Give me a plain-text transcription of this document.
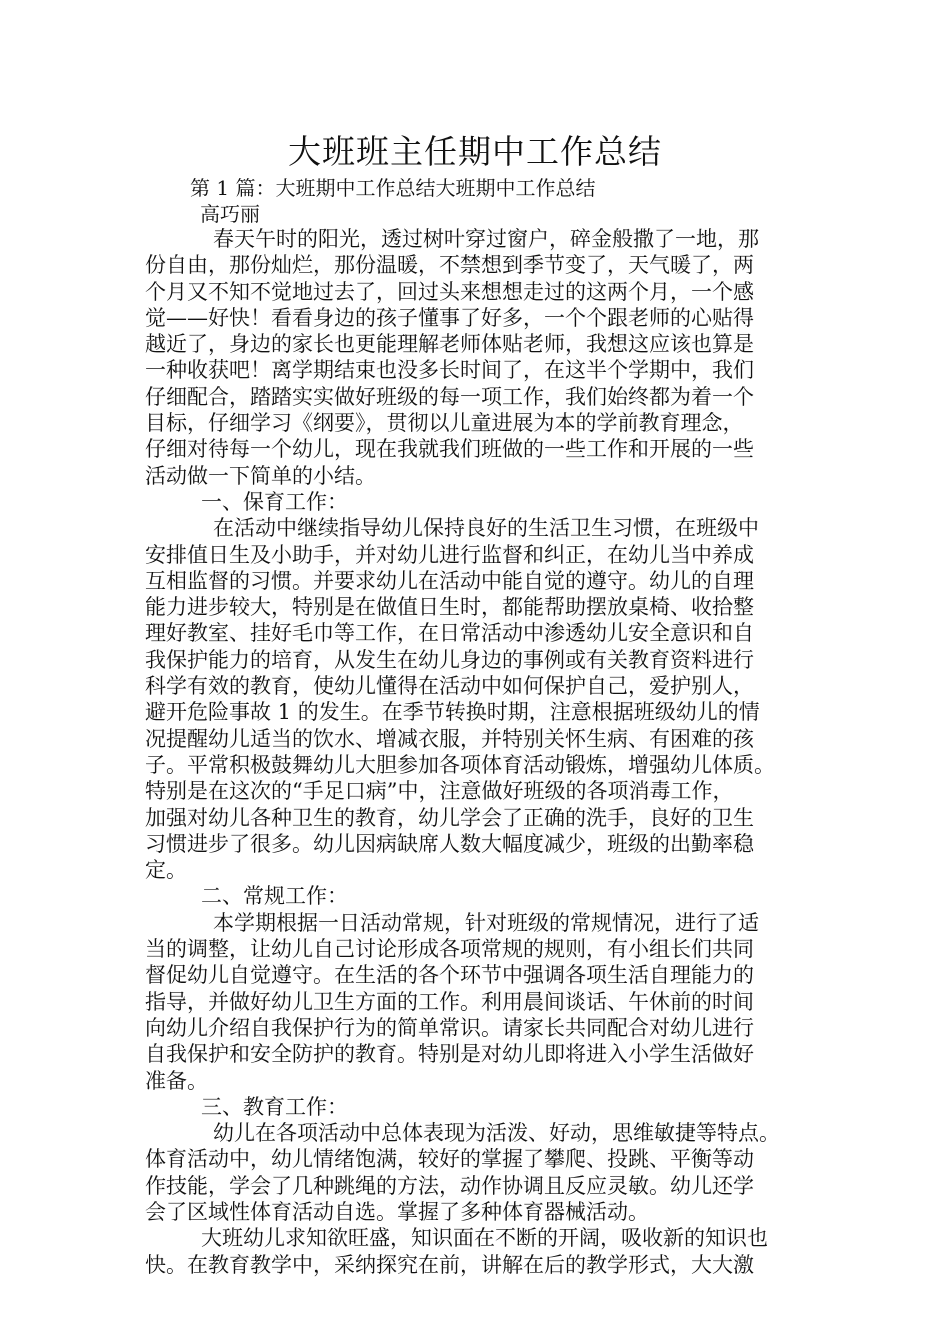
大班班主任期中工作总结
第 1 篇：大班期中工作总结大班期中工作总结
高巧丽
春天午时的阳光，透过树叶穿过窗户，碎金般撒了一地，那
份自由，那份灿烂，那份温暖，不禁想到季节变了，天气暖了，两
个月又不知不觉地过去了，回过头来想想走过的这两个月，一个感
觉——好快！看看身边的孩子懂事了好多，一个个跟老师的心贴得
越近了，身边的家长也更能理解老师体贴老师，我想这应该也算是
一种收获吧！离学期结束也没多长时间了，在这半个学期中，我们
仔细配合，踏踏实实做好班级的每一项工作，我们始终都为着一个
目标，仔细学习《纲要》，贯彻以儿童进展为本的学前教育理念，
仔细对待每一个幼儿，现在我就我们班做的一些工作和开展的一些
活动做一下简单的小结。
一、保育工作：
在活动中继续指导幼儿保持良好的生活卫生习惯，在班级中
安排值日生及小助手，并对幼儿进行监督和纠正，在幼儿当中养成
互相监督的习惯。并要求幼儿在活动中能自觉的遵守。幼儿的自理
能力进步较大，特别是在做值日生时，都能帮助摆放桌椅、收拾整
理好教室、挂好毛巾等工作，在日常活动中渗透幼儿安全意识和自
我保护能力的培育，从发生在幼儿身边的事例或有关教育资料进行
科学有效的教育，使幼儿懂得在活动中如何保护自己，爱护别人，
避开危险事故 1 的发生。在季节转换时期，注意根据班级幼儿的情
况提醒幼儿适当的饮水、增减衣服，并特别关怀生病、有困难的孩
子。平常积极鼓舞幼儿大胆参加各项体育活动锻炼，增强幼儿体质。
特别是在这次的“手足口病”中，注意做好班级的各项消毒工作，
加强对幼儿各种卫生的教育，幼儿学会了正确的洗手，良好的卫生
习惯进步了很多。幼儿因病缺席人数大幅度减少，班级的出勤率稳
定。
二、常规工作：
本学期根据一日活动常规，针对班级的常规情况，进行了适
当的调整，让幼儿自己讨论形成各项常规的规则，有小组长们共同
督促幼儿自觉遵守。在生活的各个环节中强调各项生活自理能力的
指导，并做好幼儿卫生方面的工作。利用晨间谈话、午休前的时间
向幼儿介绍自我保护行为的简单常识。请家长共同配合对幼儿进行
自我保护和安全防护的教育。特别是对幼儿即将进入小学生活做好
准备。
三、教育工作：
幼儿在各项活动中总体表现为活泼、好动，思维敏捷等特点。
体育活动中，幼儿情绪饱满，较好的掌握了攀爬、投跳、平衡等动
作技能，学会了几种跳绳的方法，动作协调且反应灵敏。幼儿还学
会了区域性体育活动自选。掌握了多种体育器械活动。
大班幼儿求知欲旺盛，知识面在不断的开阔，吸收新的知识也
快。在教育教学中，采纳探究在前，讲解在后的教学形式，大大激
